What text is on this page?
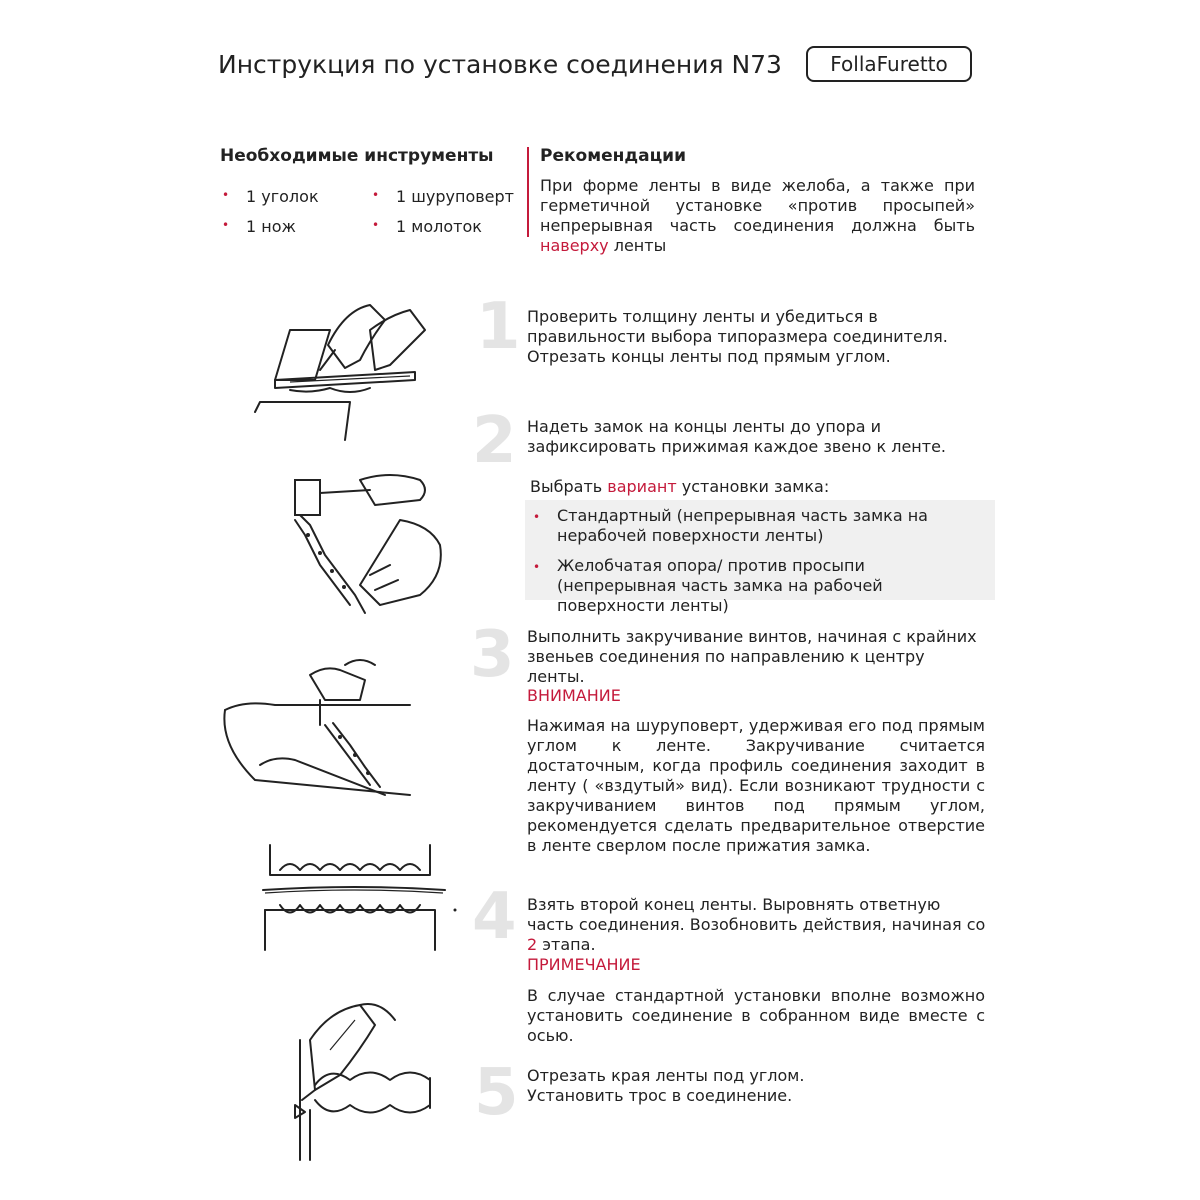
Инструкция по установке соединения N73	FollaFuretto
Необходимые инструменты
• 1 уголок	• 1 шуруповерт
• 1 нож	• 1 молоток
Рекомендации
При форме ленты в виде желоба, а также при герметичной установке «против просыпей» непрерывная часть соединения должна быть наверху ленты
1
2
3
4
5
Проверить толщину ленты и убедиться в правильности выбора типоразмера соединителя. Отрезать концы ленты под прямым углом.
Надеть замок на концы ленты до упора и зафиксировать прижимая каждое звено к ленте.
Выбрать вариант установки замка:
• Стандартный (непрерывная часть замка на нерабочей поверхности ленты)
• Желобчатая опора/ против просыпи (непрерывная часть замка на рабочей поверхности ленты)
Выполнить закручивание винтов, начиная с крайних звеньев соединения по направлению к центру ленты.
ВНИМАНИЕ
Нажимая на шуруповерт, удерживая его под прямым углом к ленте. Закручивание считается достаточным, когда профиль соединения заходит в ленту ( «вздутый» вид). Если возникают трудности с закручиванием винтов под прямым углом, рекомендуется сделать предварительное отверстие в ленте сверлом после прижатия замка.
Взять второй конец ленты. Выровнять ответную часть соединения. Возобновить действия, начиная со 2 этапа.
ПРИМЕЧАНИЕ
В случае стандартной установки вполне возможно установить соединение в собранном виде вместе с осью.
Отрезать края ленты под углом.
Установить трос в соединение.
